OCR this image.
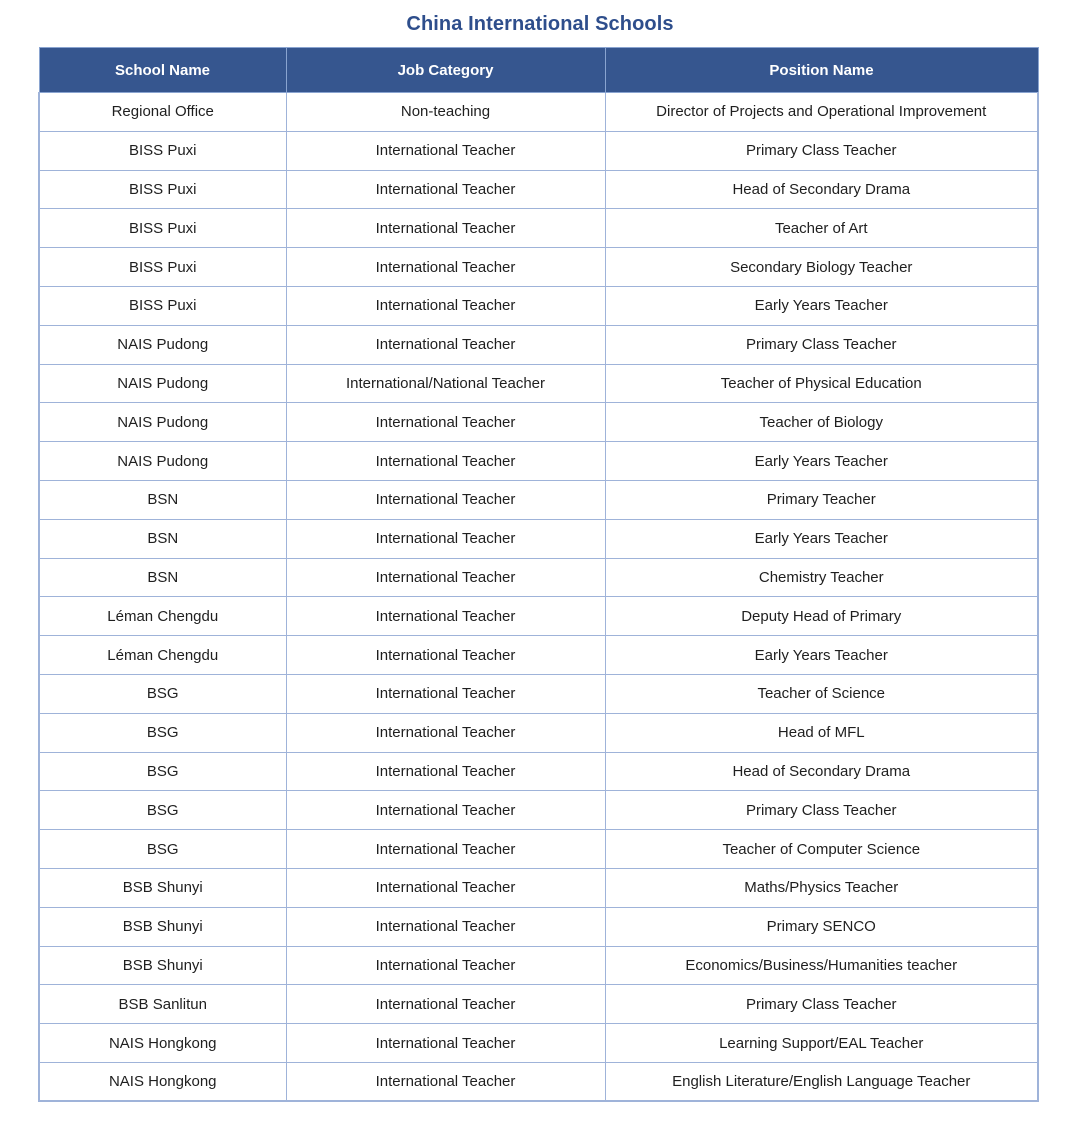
China International Schools
School Name	Job Category	Position Name
Regional Office	Non-teaching	Director of Projects and Operational Improvement
BISS Puxi	International Teacher	Primary Class Teacher
BISS Puxi	International Teacher	Head of Secondary Drama
BISS Puxi	International Teacher	Teacher of Art
BISS Puxi	International Teacher	Secondary Biology Teacher
BISS Puxi	International Teacher	Early Years Teacher
NAIS Pudong	International Teacher	Primary Class Teacher
NAIS Pudong	International/National Teacher	Teacher of Physical Education
NAIS Pudong	International Teacher	Teacher of Biology
NAIS Pudong	International Teacher	Early Years Teacher
BSN	International Teacher	Primary Teacher
BSN	International Teacher	Early Years Teacher
BSN	International Teacher	Chemistry Teacher
Léman Chengdu	International Teacher	Deputy Head of Primary
Léman Chengdu	International Teacher	Early Years Teacher
BSG	International Teacher	Teacher of Science
BSG	International Teacher	Head of MFL
BSG	International Teacher	Head of Secondary Drama
BSG	International Teacher	Primary Class Teacher
BSG	International Teacher	Teacher of Computer Science
BSB Shunyi	International Teacher	Maths/Physics Teacher
BSB Shunyi	International Teacher	Primary SENCO
BSB Shunyi	International Teacher	Economics/Business/Humanities teacher
BSB Sanlitun	International Teacher	Primary Class Teacher
NAIS Hongkong	International Teacher	Learning Support/EAL Teacher
NAIS Hongkong	International Teacher	English Literature/English Language Teacher
